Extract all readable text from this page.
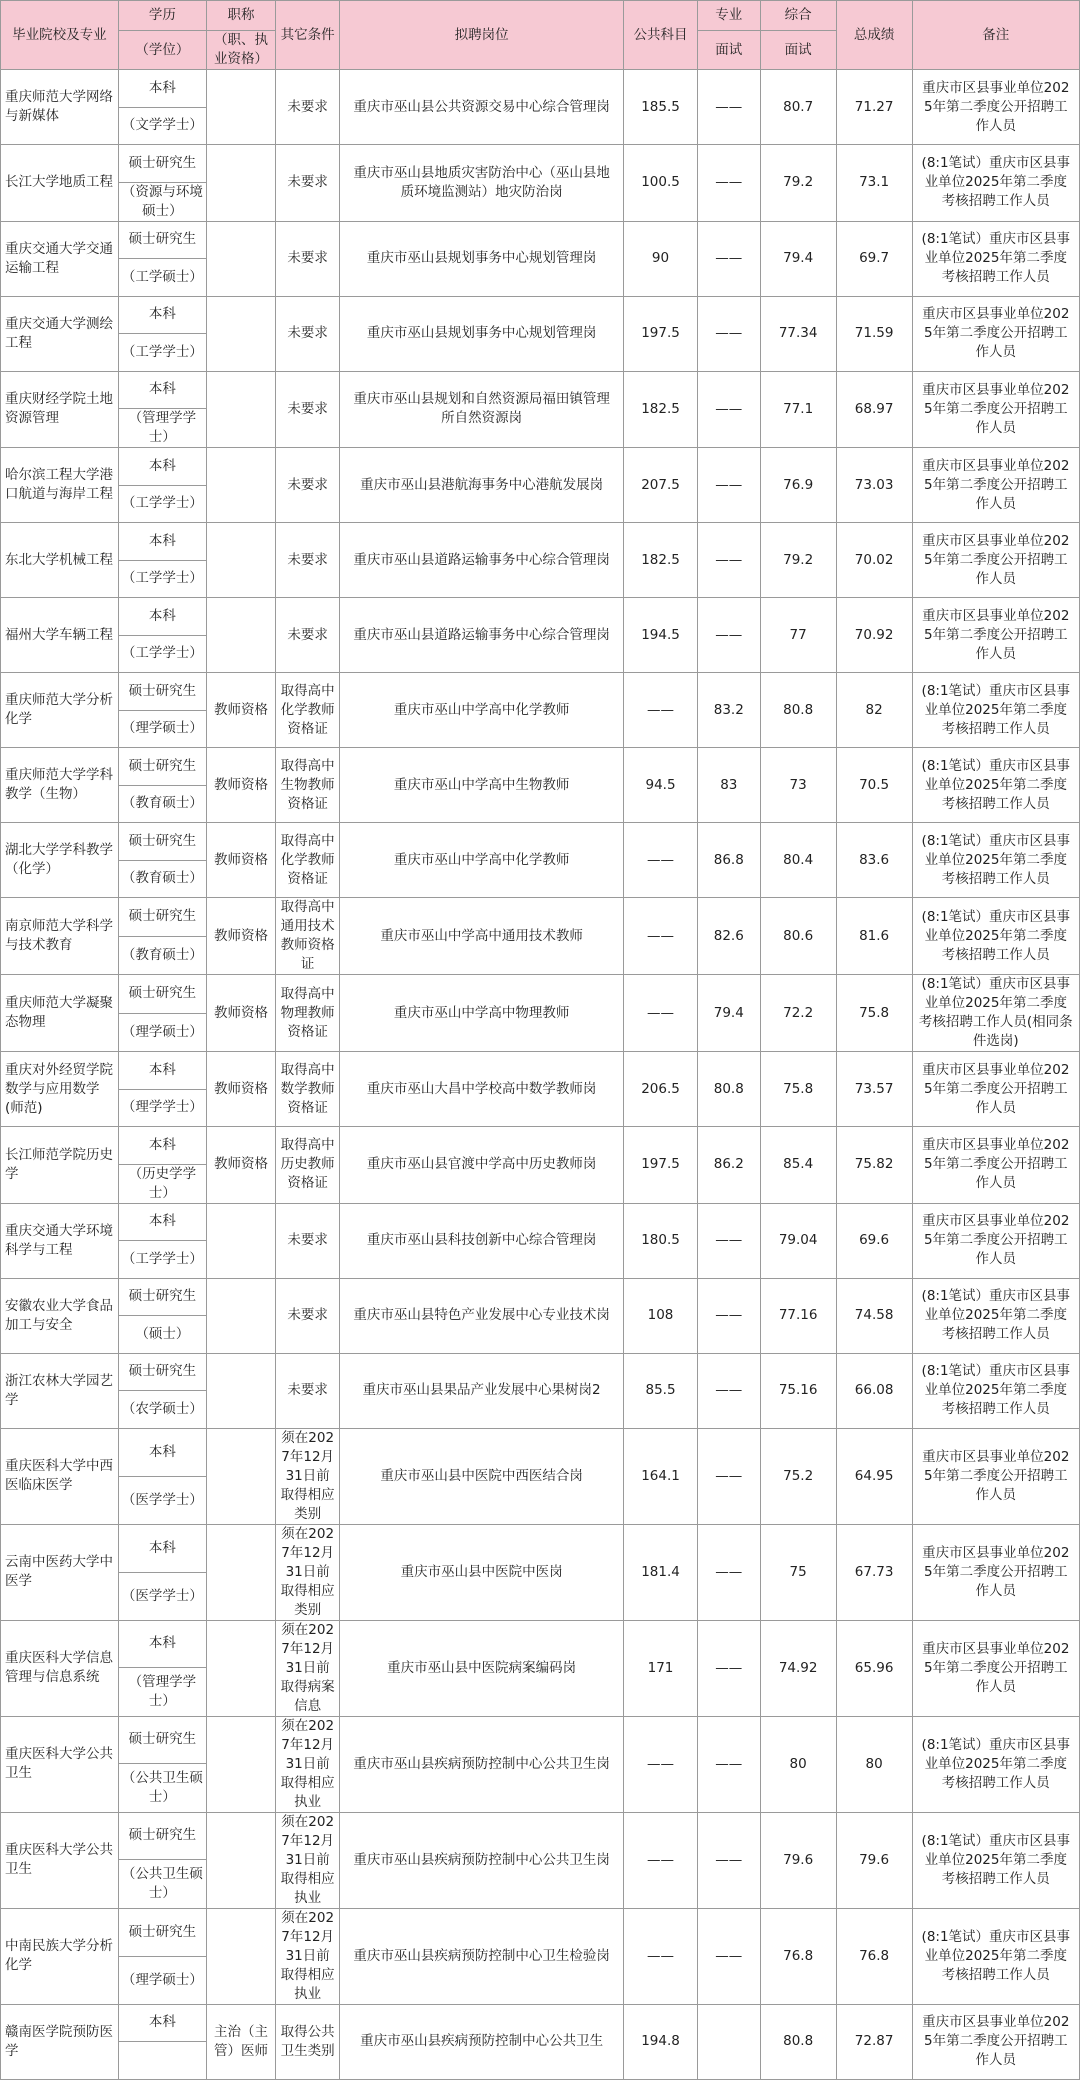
毕业院校及专业	学历	职称	其它条件	拟聘岗位	公共科目	专业	综合	总成绩	备注
	（学位）	（职、执业资格）				面试	面试		
重庆师范大学网络与新媒体	本科		未要求	重庆市巫山县公共资源交易中心综合管理岗	185.5	——	80.7	71.27	重庆市区县事业单位2025年第二季度公开招聘工作人员
	（文学学士）								
长江大学地质工程	硕士研究生		未要求	重庆市巫山县地质灾害防治中心（巫山县地质环境监测站）地灾防治岗	100.5	——	79.2	73.1	(8:1笔试）重庆市区县事业单位2025年第二季度考核招聘工作人员
	（资源与环境硕士）								
重庆交通大学交通运输工程	硕士研究生		未要求	重庆市巫山县规划事务中心规划管理岗	90	——	79.4	69.7	(8:1笔试）重庆市区县事业单位2025年第二季度考核招聘工作人员
	（工学硕士）								
重庆交通大学测绘工程	本科		未要求	重庆市巫山县规划事务中心规划管理岗	197.5	——	77.34	71.59	重庆市区县事业单位2025年第二季度公开招聘工作人员
	（工学学士）								
重庆财经学院土地资源管理	本科		未要求	重庆市巫山县规划和自然资源局福田镇管理所自然资源岗	182.5	——	77.1	68.97	重庆市区县事业单位2025年第二季度公开招聘工作人员
	（管理学学士）								
哈尔滨工程大学港口航道与海岸工程	本科		未要求	重庆市巫山县港航海事务中心港航发展岗	207.5	——	76.9	73.03	重庆市区县事业单位2025年第二季度公开招聘工作人员
	（工学学士）								
东北大学机械工程	本科		未要求	重庆市巫山县道路运输事务中心综合管理岗	182.5	——	79.2	70.02	重庆市区县事业单位2025年第二季度公开招聘工作人员
	（工学学士）								
福州大学车辆工程	本科		未要求	重庆市巫山县道路运输事务中心综合管理岗	194.5	——	77	70.92	重庆市区县事业单位2025年第二季度公开招聘工作人员
	（工学学士）								
重庆师范大学分析化学	硕士研究生	教师资格	取得高中化学教师资格证	重庆市巫山中学高中化学教师	——	83.2	80.8	82	(8:1笔试）重庆市区县事业单位2025年第二季度考核招聘工作人员
	（理学硕士）								
重庆师范大学学科教学（生物）	硕士研究生	教师资格	取得高中生物教师资格证	重庆市巫山中学高中生物教师	94.5	83	73	70.5	(8:1笔试）重庆市区县事业单位2025年第二季度考核招聘工作人员
	（教育硕士）								
湖北大学学科教学（化学）	硕士研究生	教师资格	取得高中化学教师资格证	重庆市巫山中学高中化学教师	——	86.8	80.4	83.6	(8:1笔试）重庆市区县事业单位2025年第二季度考核招聘工作人员
	（教育硕士）								
南京师范大学科学与技术教育	硕士研究生	教师资格	取得高中通用技术教师资格证	重庆市巫山中学高中通用技术教师	——	82.6	80.6	81.6	(8:1笔试）重庆市区县事业单位2025年第二季度考核招聘工作人员
	（教育硕士）								
重庆师范大学凝聚态物理	硕士研究生	教师资格	取得高中物理教师资格证	重庆市巫山中学高中物理教师	——	79.4	72.2	75.8	(8:1笔试）重庆市区县事业单位2025年第二季度考核招聘工作人员(相同条件选岗)
	（理学硕士）								
重庆对外经贸学院数学与应用数学(师范)	本科	教师资格	取得高中数学教师资格证	重庆市巫山大昌中学校高中数学教师岗	206.5	80.8	75.8	73.57	重庆市区县事业单位2025年第二季度公开招聘工作人员
	（理学学士）								
长江师范学院历史学	本科	教师资格	取得高中历史教师资格证	重庆市巫山县官渡中学高中历史教师岗	197.5	86.2	85.4	75.82	重庆市区县事业单位2025年第二季度公开招聘工作人员
	（历史学学士）								
重庆交通大学环境科学与工程	本科		未要求	重庆市巫山县科技创新中心综合管理岗	180.5	——	79.04	69.6	重庆市区县事业单位2025年第二季度公开招聘工作人员
	（工学学士）								
安徽农业大学食品加工与安全	硕士研究生		未要求	重庆市巫山县特色产业发展中心专业技术岗	108	——	77.16	74.58	(8:1笔试）重庆市区县事业单位2025年第二季度考核招聘工作人员
	（硕士）								
浙江农林大学园艺学	硕士研究生		未要求	重庆市巫山县果品产业发展中心果树岗2	85.5	——	75.16	66.08	(8:1笔试）重庆市区县事业单位2025年第二季度考核招聘工作人员
	（农学硕士）								
重庆医科大学中西医临床医学	本科		须在2027年12月31日前取得相应类别	重庆市巫山县中医院中西医结合岗	164.1	——	75.2	64.95	重庆市区县事业单位2025年第二季度公开招聘工作人员
	（医学学士）								
云南中医药大学中医学	本科		须在2027年12月31日前取得相应类别	重庆市巫山县中医院中医岗	181.4	——	75	67.73	重庆市区县事业单位2025年第二季度公开招聘工作人员
	（医学学士）								
重庆医科大学信息管理与信息系统	本科		须在2027年12月31日前取得病案信息	重庆市巫山县中医院病案编码岗	171	——	74.92	65.96	重庆市区县事业单位2025年第二季度公开招聘工作人员
	（管理学学士）								
重庆医科大学公共卫生	硕士研究生		须在2027年12月31日前取得相应执业	重庆市巫山县疾病预防控制中心公共卫生岗	——	——	80	80	(8:1笔试）重庆市区县事业单位2025年第二季度考核招聘工作人员
	（公共卫生硕士）								
重庆医科大学公共卫生	硕士研究生		须在2027年12月31日前取得相应执业	重庆市巫山县疾病预防控制中心公共卫生岗	——	——	79.6	79.6	(8:1笔试）重庆市区县事业单位2025年第二季度考核招聘工作人员
	（公共卫生硕士）								
中南民族大学分析化学	硕士研究生		须在2027年12月31日前取得相应执业	重庆市巫山县疾病预防控制中心卫生检验岗	——	——	76.8	76.8	(8:1笔试）重庆市区县事业单位2025年第二季度考核招聘工作人员
	（理学硕士）								
赣南医学院预防医学	本科	主治（主管）医师	取得公共卫生类别	重庆市巫山县疾病预防控制中心公共卫生	194.8		80.8	72.87	重庆市区县事业单位2025年第二季度公开招聘工作人员
